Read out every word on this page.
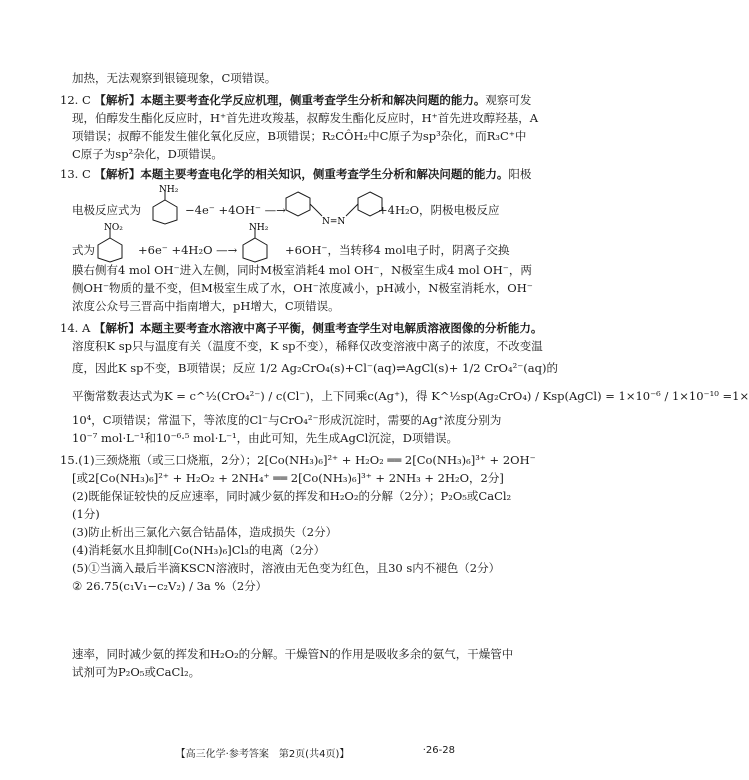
加热，无法观察到银镜现象，C项错误。
12. C 【解析】本题主要考查化学反应机理，侧重考查学生分析和解决问题的能力。观察可发
现，伯醇发生酯化反应时，H⁺首先进攻羧基，叔醇发生酯化反应时，H⁺首先进攻醇羟基，A
项错误；叔醇不能发生催化氧化反应，B项错误；R₂CÔH₂中C原子为sp³杂化，而R₃C⁺中
C原子为sp²杂化，D项错误。
13. C 【解析】本题主要考查电化学的相关知识，侧重考查学生分析和解决问题的能力。阳极
电极反应式为
NH₂
−4e⁻ +4OH⁻ —→
N=N
+4H₂O，阴极电极反应
式为
NO₂
+6e⁻ +4H₂O —→
NH₂
+6OH⁻，当转移4 mol电子时，阴离子交换
膜右侧有4 mol OH⁻进入左侧，同时M极室消耗4 mol OH⁻，N极室生成4 mol OH⁻，两
侧OH⁻物质的量不变，但M极室生成了水，OH⁻浓度减小，pH减小，N极室消耗水，OH⁻
浓度公众号三晋高中指南增大，pH增大，C项错误。
14. A 【解析】本题主要考查水溶液中离子平衡，侧重考查学生对电解质溶液图像的分析能力。
溶度积K sp只与温度有关（温度不变，K sp不变），稀释仅改变溶液中离子的浓度，不改变温
度，因此K sp不变，B项错误；反应 1/2 Ag₂CrO₄(s)+Cl⁻(aq)⇌AgCl(s)+ 1/2 CrO₄²⁻(aq)的
平衡常数表达式为K = c^½(CrO₄²⁻) / c(Cl⁻)，上下同乘c(Ag⁺)，得 K^½sp(Ag₂CrO₄) / Ksp(AgCl) = 1×10⁻⁶ / 1×10⁻¹⁰ =1×
10⁴，C项错误；常温下，等浓度的Cl⁻与CrO₄²⁻形成沉淀时，需要的Ag⁺浓度分别为
10⁻⁷ mol·L⁻¹和10⁻⁶·⁵ mol·L⁻¹，由此可知，先生成AgCl沉淀，D项错误。
15.(1)三颈烧瓶（或三口烧瓶，2分）；2[Co(NH₃)₆]²⁺ + H₂O₂ ══ 2[Co(NH₃)₆]³⁺ + 2OH⁻
[或2[Co(NH₃)₆]²⁺ + H₂O₂ + 2NH₄⁺ ══ 2[Co(NH₃)₆]³⁺ + 2NH₃ + 2H₂O，2分]
(2)既能保证较快的反应速率，同时减少氨的挥发和H₂O₂的分解（2分）；P₂O₅或CaCl₂
(1分)
(3)防止析出三氯化六氨合钴晶体，造成损失（2分）
(4)消耗氨水且抑制[Co(NH₃)₆]Cl₃的电离（2分）
(5)①当滴入最后半滴KSCN溶液时，溶液由无色变为红色，且30 s内不褪色（2分）
② 26.75(c₁V₁−c₂V₂) / 3a %（2分）
速率，同时减少氨的挥发和H₂O₂的分解。干燥管N的作用是吸收多余的氨气，干燥管中
试剂可为P₂O₅或CaCl₂。
【高三化学·参考答案　第2页(共4页)】	·26-28
